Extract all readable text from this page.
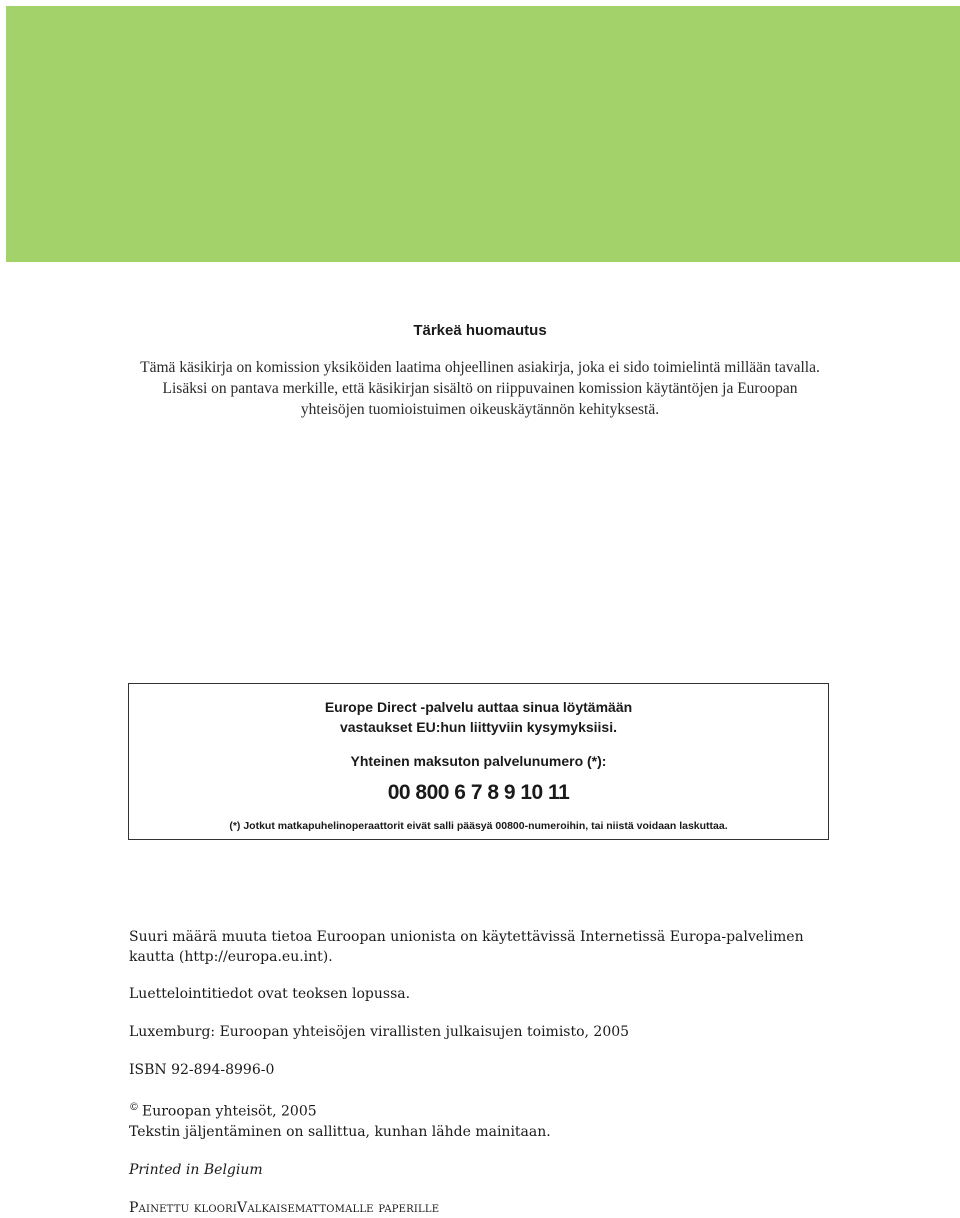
Tärkeä huomautus

Tämä käsikirja on komission yksiköiden laatima ohjeellinen asiakirja, joka ei sido toimielintä millään tavalla. Lisäksi on pantava merkille, että käsikirjan sisältö on riippuvainen komission käytäntöjen ja Euroopan yhteisöjen tuomioistuimen oikeuskäytännön kehityksestä.

Europe Direct -palvelu auttaa sinua löytämään

vastaukset EU:hun liittyviin kysymyksiisi.

Yhteinen maksuton palvelunumero (*):

00 800 6 7 8 9 10 11

(*) Jotkut matkapuhelinoperaattorit eivät salli pääsyä 00800-numeroihin, tai niistä voidaan laskuttaa.

Suuri määrä muuta tietoa Euroopan unionista on käytettävissä Internetissä Europa-palvelimen

kautta (http://europa.eu.int).

Luettelointitiedot ovat teoksen lopussa.

Luxemburg: Euroopan yhteisöjen virallisten julkaisujen toimisto, 2005

ISBN 92-894-8996-0

© Euroopan yhteisöt, 2005

Tekstin jäljentäminen on sallittua, kunhan lähde mainitaan.

Printed in Belgium

Painettu klooriValkaisemattomalle paperille
